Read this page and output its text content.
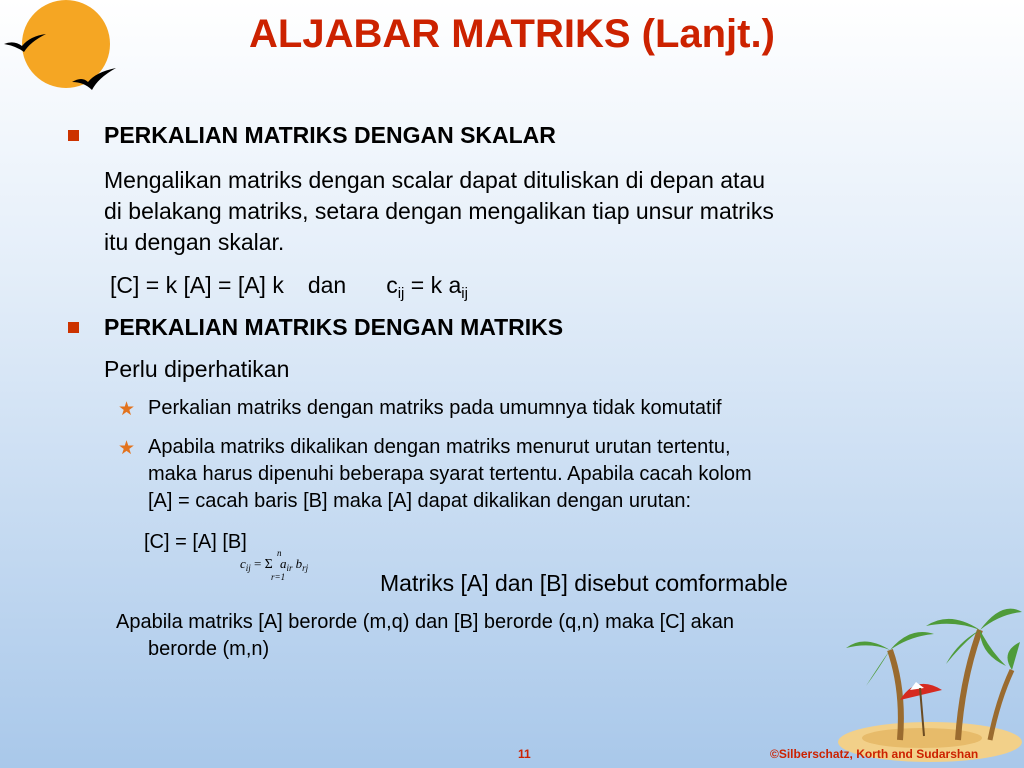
ALJABAR MATRIKS (Lanjt.)
PERKALIAN MATRIKS DENGAN SKALAR
Mengalikan matriks dengan scalar dapat dituliskan di depan atau
di belakang matriks, setara dengan mengalikan tiap unsur matriks
itu dengan skalar.
[C] = k [A] = [A] k dan $c_{ij} = k$ $a_{ij}$
PERKALIAN MATRIKS DENGAN MATRIKS
Perlu diperhatikan
★ Perkalian matriks dengan matriks pada umumnya tidak komutatif
★ Apabila matriks dikalikan dengan matriks menurut urutan tertentu,
maka harus dipenuhi beberapa syarat tertentu. Apabila cacah kolom
[A] = cacah baris [B] maka [A] dapat dikalikan dengan urutan:
[C] = [A] [B]	n
$c_{ij} = \Sigma$ $a_{ir}$ $b_{rj}$
r=1	Matriks [A] dan [B] disebut comformable
Apabila matriks [A] berorde (m,q) dan [B] berorde (q,n) maka [C] akan
berorde (m,n)
11	©Silberschatz, Korth and Sudarshan
